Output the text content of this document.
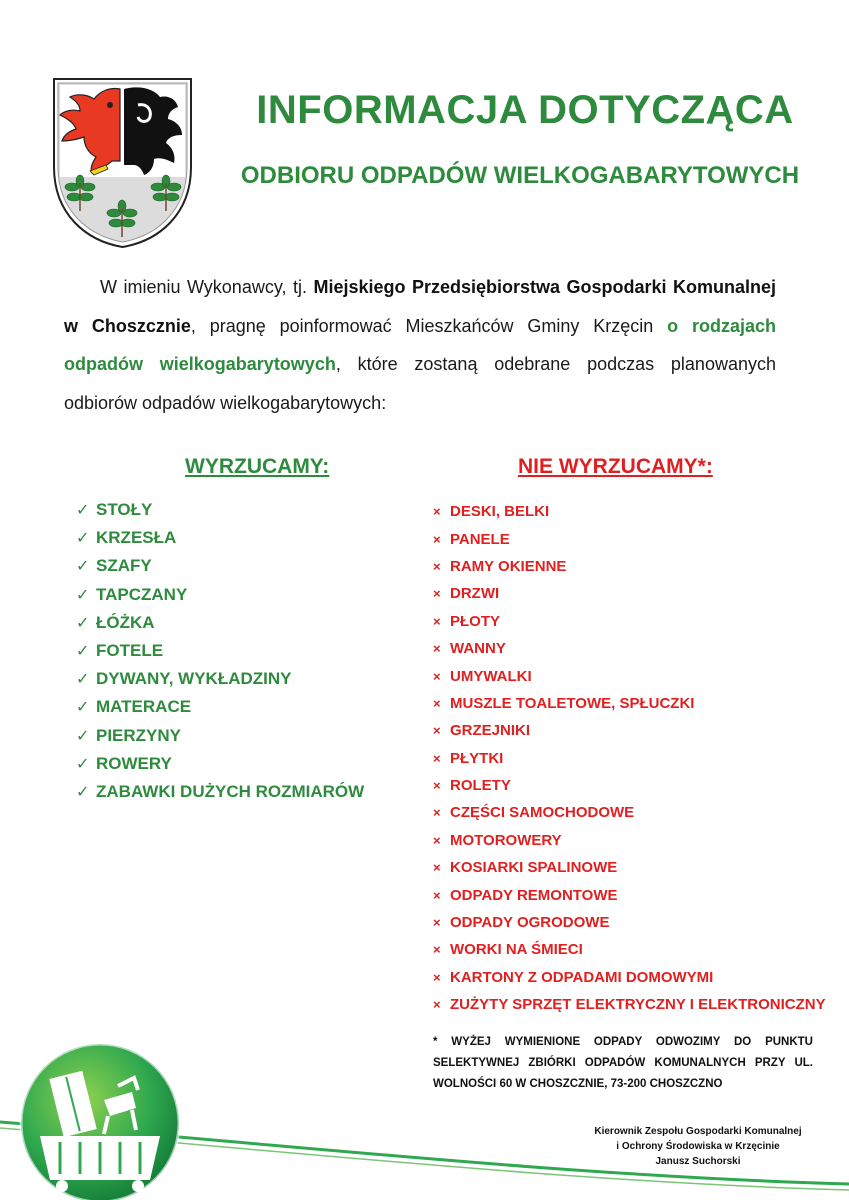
INFORMACJA DOTYCZĄCA
ODBIORU ODPADÓW WIELKOGABARYTOWYCH

W imieniu Wykonawcy, tj. Miejskiego Przedsiębiorstwa Gospodarki Komunalnej w Choszcznie, pragnę poinformować Mieszkańców Gminy Krzęcin o rodzajach odpadów wielkogabarytowych, które zostaną odebrane podczas planowanych odbiorów odpadów wielkogabarytowych:

WYRZUCAMY:	NIE WYRZUCAMY*:
✓ STOŁY
✓ KRZESŁA
✓ SZAFY
✓ TAPCZANY
✓ ŁÓŻKA
✓ FOTELE
✓ DYWANY, WYKŁADZINY
✓ MATERACE
✓ PIERZYNY
✓ ROWERY
✓ ZABAWKI DUŻYCH ROZMIARÓW
× DESKI, BELKI
× PANELE
× RAMY OKIENNE
× DRZWI
× PŁOTY
× WANNY
× UMYWALKI
× MUSZLE TOALETOWE, SPŁUCZKI
× GRZEJNIKI
× PŁYTKI
× ROLETY
× CZĘŚCI SAMOCHODOWE
× MOTOROWERY
× KOSIARKI SPALINOWE
× ODPADY REMONTOWE
× ODPADY OGRODOWE
× WORKI NA ŚMIECI
× KARTONY Z ODPADAMI DOMOWYMI
× ZUŻYTY SPRZĘT ELEKTRYCZNY I ELEKTRONICZNY

* WYŻEJ WYMIENIONE ODPADY ODWOZIMY DO PUNKTU SELEKTYWNEJ ZBIÓRKI ODPADÓW KOMUNALNYCH PRZY UL. WOLNOŚCI 60 W CHOSZCZNIE, 73-200 CHOSZCZNO

Kierownik Zespołu Gospodarki Komunalnej
i Ochrony Środowiska w Krzęcinie
Janusz Suchorski
